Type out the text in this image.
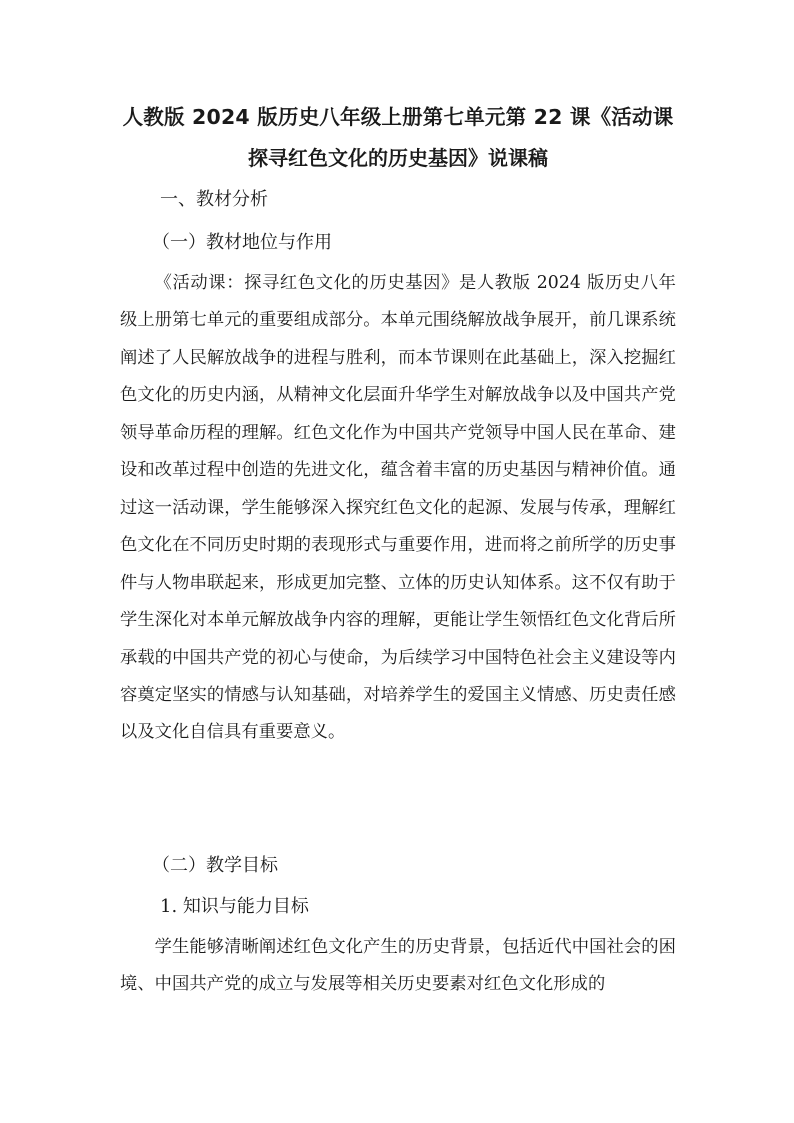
人教版 2024 版历史八年级上册第七单元第 22 课《活动课
探寻红色文化的历史基因》说课稿

一、教材分析

（一）教材地位与作用

《活动课：探寻红色文化的历史基因》是人教版 2024 版历史八年级上册第七单元的重要组成部分。本单元围绕解放战争展开，前几课系统阐述了人民解放战争的进程与胜利，而本节课则在此基础上，深入挖掘红色文化的历史内涵，从精神文化层面升华学生对解放战争以及中国共产党领导革命历程的理解。红色文化作为中国共产党领导中国人民在革命、建设和改革过程中创造的先进文化，蕴含着丰富的历史基因与精神价值。通过这一活动课，学生能够深入探究红色文化的起源、发展与传承，理解红色文化在不同历史时期的表现形式与重要作用，进而将之前所学的历史事件与人物串联起来，形成更加完整、立体的历史认知体系。这不仅有助于学生深化对本单元解放战争内容的理解，更能让学生领悟红色文化背后所承载的中国共产党的初心与使命，为后续学习中国特色社会主义建设等内容奠定坚实的情感与认知基础，对培养学生的爱国主义情感、历史责任感以及文化自信具有重要意义。

（二）教学目标

1. 知识与能力目标

学生能够清晰阐述红色文化产生的历史背景，包括近代中国社会的困境、中国共产党的成立与发展等相关历史要素对红色文化形成的
